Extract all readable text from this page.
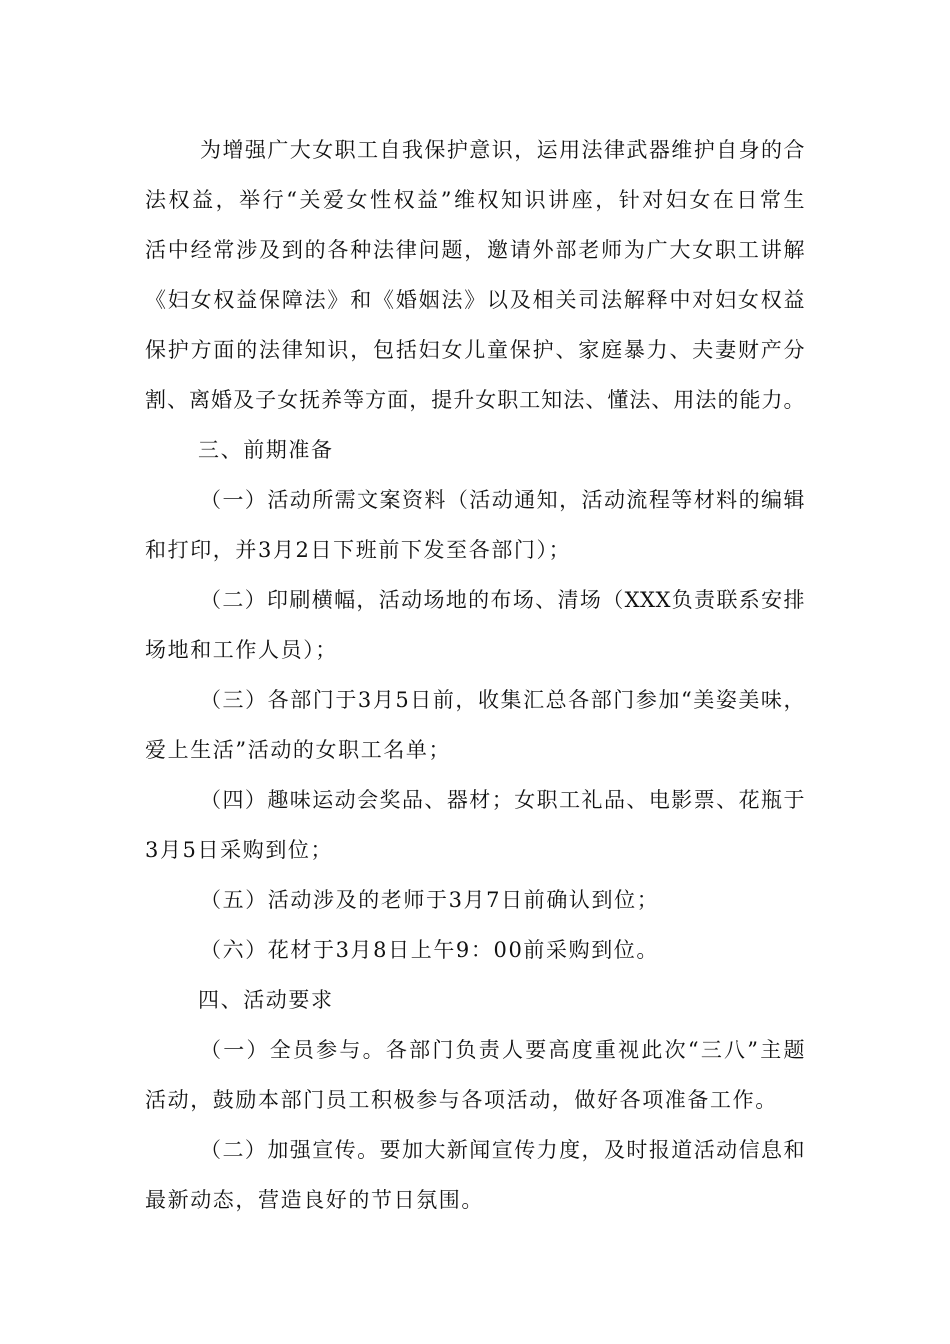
为增强广大女职工自我保护意识，运用法律武器维护自身的合
法权益，举行“关爱女性权益”维权知识讲座，针对妇女在日常生
活中经常涉及到的各种法律问题，邀请外部老师为广大女职工讲解
《妇女权益保障法》和《婚姻法》以及相关司法解释中对妇女权益
保护方面的法律知识，包括妇女儿童保护、家庭暴力、夫妻财产分
割、离婚及子女抚养等方面，提升女职工知法、懂法、用法的能力。
三、前期准备
（一）活动所需文案资料（活动通知，活动流程等材料的编辑
和打印，并3月2日下班前下发至各部门）；
（二）印刷横幅，活动场地的布场、清场（XXX负责联系安排
场地和工作人员）；
（三）各部门于3月5日前，收集汇总各部门参加“美姿美味，
爱上生活”活动的女职工名单；
（四）趣味运动会奖品、器材；女职工礼品、电影票、花瓶于
3月5日采购到位；
（五）活动涉及的老师于3月7日前确认到位；
（六）花材于3月8日上午9：00前采购到位。
四、活动要求
（一）全员参与。各部门负责人要高度重视此次“三八”主题
活动，鼓励本部门员工积极参与各项活动，做好各项准备工作。
（二）加强宣传。要加大新闻宣传力度，及时报道活动信息和
最新动态，营造良好的节日氛围。
